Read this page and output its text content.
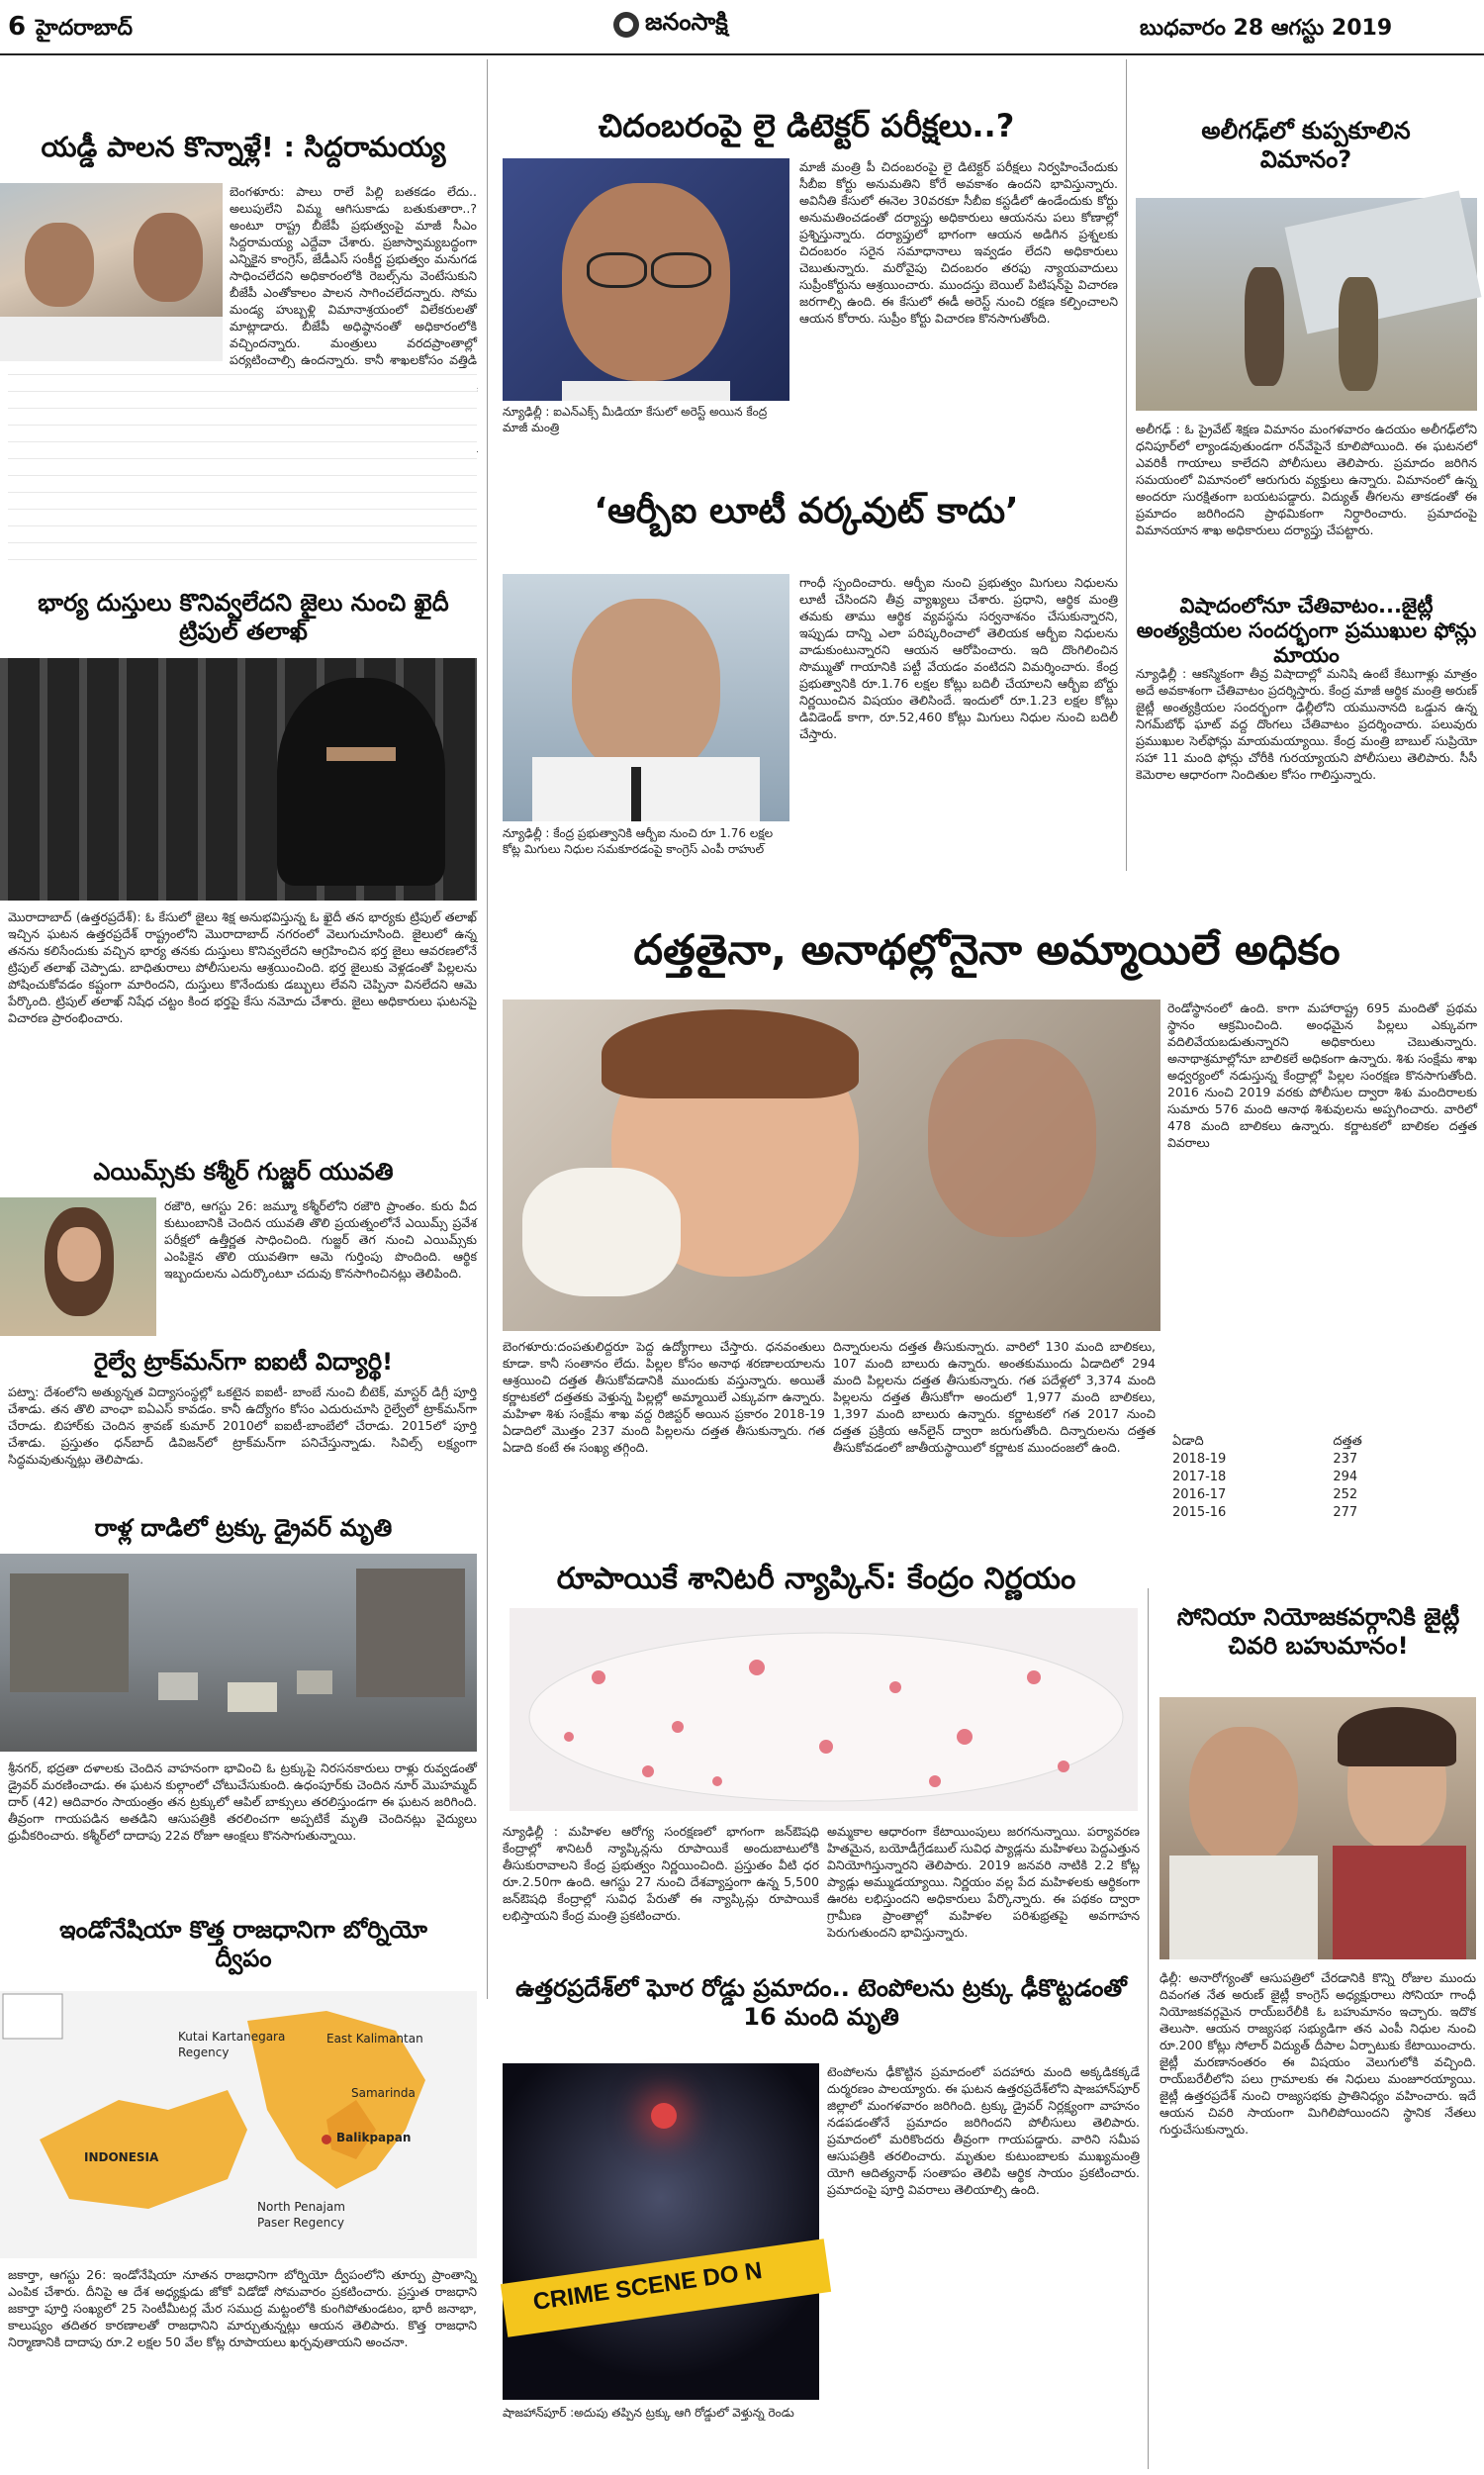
6 హైదరాబాద్	జనంసాక్షి	బుధవారం 28 ఆగస్టు 2019
యడ్డీ పాలన కొన్నాళ్లే! : సిద్దరామయ్య
బెంగళూరు: పాలు రాలే పిల్లి బతకడం లేదు.. అలుపులేని విమ్మ ఆగిసుకాడు బతుకుతారా..? అంటూ రాష్ట్ర బీజేపీ ప్రభుత్వంపై మాజీ సీఎం సిద్దరామయ్య ఎద్దేవా చేశారు. ప్రజాస్వామ్యబద్ధంగా ఎన్నికైన కాంగ్రెస్‌, జేడీఎస్‌ సంకీర్ణ ప్రభుత్వం మనుగడ సాధించలేదని అధికారంలోకి రెబల్స్‌ను వెంటేసుకుని బీజేపీ ఎంతోకాలం పాలన సాగించలేదన్నారు. సోమ మండ్య హుబ్బళ్లి విమానాశ్రయంలో విలేకరులతో మాట్లాడారు. బీజేపీ అధిష్ఠానంతో అధికారంలోకి వచ్చిందన్నారు. మంత్రులు వరదప్రాంతాల్లో పర్యటించాల్సి ఉందన్నారు. కానీ శాఖలకోసం వత్తిడి
భార్య దుస్తులు కొనివ్వలేదని జైలు నుంచి ఖైదీ ట్రిపుల్ తలాఖ్
మొరాదాబాద్ (ఉత్తరప్రదేశ్): ఓ కేసులో జైలు శిక్ష అనుభవిస్తున్న ఓ ఖైదీ తన భార్యకు ట్రిపుల్ తలాఖ్ ఇచ్చిన ఘటన ఉత్తరప్రదేశ్ రాష్ట్రంలోని మొరాదాబాద్ నగరంలో వెలుగుచూసింది. జైలులో ఉన్న తనను కలిసేందుకు వచ్చిన భార్య తనకు దుస్తులు కొనివ్వలేదని ఆగ్రహించిన భర్త జైలు ఆవరణలోనే ట్రిపుల్ తలాఖ్ చెప్పాడు. బాధితురాలు పోలీసులను ఆశ్రయించింది. భర్త జైలుకు వెళ్లడంతో పిల్లలను పోషించుకోవడం కష్టంగా మారిందని, దుస్తులు కొనేందుకు డబ్బులు లేవని చెప్పినా వినలేదని ఆమె పేర్కొంది. ట్రిపుల్ తలాఖ్ నిషేధ చట్టం కింద భర్తపై కేసు నమోదు చేశారు. జైలు అధికారులు ఘటనపై విచారణ ప్రారంభించారు.
ఎయిమ్స్‌కు కశ్మీర్ గుజ్జర్ యువతి
రజౌరి, ఆగస్టు 26: జమ్మూ కశ్మీర్‌లోని రజౌరి ప్రాంతం. కురు వీద కుటుంబానికి చెందిన యువతి తొలి ప్రయత్నంలోనే ఎయిమ్స్‌ ప్రవేశ పరీక్షలో ఉత్తీర్ణత సాధించింది. గుజ్జర్ తెగ నుంచి ఎయిమ్స్‌కు ఎంపికైన తొలి యువతిగా ఆమె గుర్తింపు పొందింది. ఆర్థిక ఇబ్బందులను ఎదుర్కొంటూ చదువు కొనసాగించినట్లు తెలిపింది.
రైల్వే ట్రాక్‌మన్‌గా ఐఐటీ విద్యార్థి!
పట్నా: దేశంలోని అత్యున్నత విద్యాసంస్థల్లో ఒకటైన ఐఐటీ- బాంబే నుంచి బీటెక్, మాస్టర్ డిగ్రీ పూర్తి చేశాడు. తన తొలి వాంఛా ఐఏఎస్‌ కావడం. కానీ ఉద్యోగం కోసం ఎదురుచూసి రైల్వేలో ట్రాక్‌మన్‌గా చేరాడు. బిహార్‌కు చెందిన శ్రావణ్ కుమార్ 2010లో ఐఐటీ-బాంబేలో చేరాడు. 2015లో పూర్తి చేశాడు. ప్రస్తుతం ధన్‌బాద్ డివిజన్‌లో ట్రాక్‌మన్‌గా పనిచేస్తున్నాడు. సివిల్స్‌ లక్ష్యంగా సిద్ధమవుతున్నట్లు తెలిపాడు.
రాళ్ల దాడిలో ట్రక్కు డ్రైవర్ మృతి
శ్రీనగర్, భద్రతా దళాలకు చెందిన వాహనంగా భావించి ఓ ట్రక్కుపై నిరసనకారులు రాళ్లు రువ్వడంతో డ్రైవర్ మరణించాడు. ఈ ఘటన కుల్గాంలో చోటుచేసుకుంది. ఉధంపూర్‌కు చెందిన నూర్ మొహమ్మద్ దార్ (42) ఆదివారం సాయంత్రం తన ట్రక్కులో ఆపిల్ బాక్సులు తరలిస్తుండగా ఈ ఘటన జరిగింది. తీవ్రంగా గాయపడిన అతడిని ఆసుపత్రికి తరలించగా అప్పటికే మృతి చెందినట్లు వైద్యులు ధ్రువీకరించారు. కశ్మీర్‌లో దాదాపు 22వ రోజూ ఆంక్షలు కొనసాగుతున్నాయి.
ఇండోనేషియా కొత్త రాజధానిగా బోర్నియో ద్వీపం
Kutai Kartanegara Regency
East Kalimantan
Samarinda
Balikpapan
INDONESIA
North Penajam Paser Regency
జకార్తా, ఆగస్టు 26: ఇండోనేషియా నూతన రాజధానిగా బోర్నియో ద్వీపంలోని తూర్పు ప్రాంతాన్ని ఎంపిక చేశారు. దీనిపై ఆ దేశ అధ్యక్షుడు జోకో విడోడో సోమవారం ప్రకటించారు. ప్రస్తుత రాజధాని జకార్తా పూర్తి సంఖ్యలో 25 సెంటీమీటర్ల మేర సముద్ర మట్టంలోకి కుంగిపోతుండటం, భారీ జనాభా, కాలుష్యం తదితర కారణాలతో రాజధానిని మార్చుతున్నట్లు ఆయన తెలిపారు. కొత్త రాజధాని నిర్మాణానికి దాదాపు రూ.2 లక్షల 50 వేల కోట్ల రూపాయలు ఖర్చవుతాయని అంచనా.
చిదంబరంపై లై డిటెక్టర్ పరీక్షలు..?
న్యూఢిల్లీ : ఐఎన్ఎక్స్ మీడియా కేసులో అరెస్ట్ అయిన కేంద్ర మాజీ మంత్రి
మాజీ మంత్రి పీ చిదంబరంపై లై డిటెక్టర్ పరీక్షలు నిర్వహించేందుకు సీబీఐ కోర్టు అనుమతిని కోరే అవకాశం ఉందని భావిస్తున్నారు. అవినీతి కేసులో ఈనెల 30వరకూ సీబీఐ కస్టడీలో ఉండేందుకు కోర్టు అనుమతించడంతో దర్యాప్తు అధికారులు ఆయనను పలు కోణాల్లో ప్రశ్నిస్తున్నారు. దర్యాప్తులో భాగంగా ఆయన అడిగిన ప్రశ్నలకు చిదంబరం సరైన సమాధానాలు ఇవ్వడం లేదని అధికారులు చెబుతున్నారు. మరోవైపు చిదంబరం తరఫు న్యాయవాదులు సుప్రీంకోర్టును ఆశ్రయించారు. ముందస్తు బెయిల్ పిటిషన్‌పై విచారణ జరగాల్సి ఉంది. ఈ కేసులో ఈడీ అరెస్ట్ నుంచి రక్షణ కల్పించాలని ఆయన కోరారు. సుప్రీం కోర్టు విచారణ కొనసాగుతోంది.
‘ఆర్బీఐ లూటీ వర్కవుట్ కాదు’
న్యూఢిల్లీ : కేంద్ర ప్రభుత్వానికి ఆర్బీఐ నుంచి రూ 1.76 లక్షల కోట్ల మిగులు నిధుల సమకూరడంపై కాంగ్రెస్ ఎంపీ రాహుల్
గాంధీ స్పందించారు. ఆర్బీఐ నుంచి ప్రభుత్వం మిగులు నిధులను లూటీ చేసిందని తీవ్ర వ్యాఖ్యలు చేశారు. ప్రధాని, ఆర్థిక మంత్రి తమకు తాము ఆర్థిక వ్యవస్థను సర్వనాశనం చేసుకున్నారని, ఇప్పుడు దాన్ని ఎలా పరిష్కరించాలో తెలియక ఆర్బీఐ నిధులను వాడుకుంటున్నారని ఆయన ఆరోపించారు. ఇది దొంగిలించిన సొమ్ముతో గాయానికి పట్టీ వేయడం వంటిదని విమర్శించారు. కేంద్ర ప్రభుత్వానికి రూ.1.76 లక్షల కోట్లు బదిలీ చేయాలని ఆర్బీఐ బోర్డు నిర్ణయించిన విషయం తెలిసిందే. ఇందులో రూ.1.23 లక్షల కోట్లు డివిడెండ్ కాగా, రూ.52,460 కోట్లు మిగులు నిధుల నుంచి బదిలీ చేస్తారు.
అలీగఢ్‌లో కుప్పకూలిన విమానం?
అలీగఢ్ : ఓ ప్రైవేట్ శిక్షణ విమానం మంగళవారం ఉదయం అలీగఢ్‌లోని ధనిపూర్‌లో ల్యాండవుతుండగా రన్‌వేపైనే కూలిపోయింది. ఈ ఘటనలో ఎవరికీ గాయాలు కాలేదని పోలీసులు తెలిపారు. ప్రమాదం జరిగిన సమయంలో విమానంలో ఆరుగురు వ్యక్తులు ఉన్నారు. విమానంలో ఉన్న అందరూ సురక్షితంగా బయటపడ్డారు. విద్యుత్ తీగలను తాకడంతో ఈ ప్రమాదం జరిగిందని ప్రాథమికంగా నిర్ధారించారు. ప్రమాదంపై విమానయాన శాఖ అధికారులు దర్యాప్తు చేపట్టారు.
విషాదంలోనూ చేతివాటం...జైట్లీ అంత్యక్రియల సందర్భంగా ప్రముఖుల ఫోన్లు మాయం
న్యూఢిల్లీ : ఆకస్మికంగా తీవ్ర విషాదాల్లో మనిషి ఉంటే కేటుగాళ్లు మాత్రం అదే అవకాశంగా చేతివాటం ప్రదర్శిస్తారు. కేంద్ర మాజీ ఆర్థిక మంత్రి అరుణ్ జైట్లీ అంత్యక్రియల సందర్భంగా ఢిల్లీలోని యమునానది ఒడ్డున ఉన్న నిగమ్‌బోధ్ ఘాట్ వద్ద దొంగలు చేతివాటం ప్రదర్శించారు. పలువురు ప్రముఖుల సెల్‌ఫోన్లు మాయమయ్యాయి. కేంద్ర మంత్రి బాబుల్ సుప్రియో సహా 11 మంది ఫోన్లు చోరీకి గురయ్యాయని పోలీసులు తెలిపారు. సీసీ కెమెరాల ఆధారంగా నిందితుల కోసం గాలిస్తున్నారు.
దత్తతైనా, అనాథల్లోనైనా అమ్మాయిలే అధికం
రెండోస్థానంలో ఉంది. కాగా మహారాష్ట్ర 695 మందితో ప్రథమ స్థానం ఆక్రమించింది. అంధమైన పిల్లలు ఎక్కువగా వదిలివేయబడుతున్నారని అధికారులు చెబుతున్నారు. అనాథాశ్రమాల్లోనూ బాలికలే అధికంగా ఉన్నారు. శిశు సంక్షేమ శాఖ అధ్వర్యంలో నడుస్తున్న కేంద్రాల్లో పిల్లల సంరక్షణ కొనసాగుతోంది. 2016 నుంచి 2019 వరకు పోలీసుల ద్వారా శిశు మందిరాలకు సుమారు 576 మంది ఆనాథ శిశువులను అప్పగించారు. వారిలో 478 మంది బాలికలు ఉన్నారు. కర్ణాటకలో బాలికల దత్తత వివరాలు
ఏడాది	దత్తత
2018-19	237
2017-18	294
2016-17	252
2015-16	277
బెంగళూరు:దంపతులిద్దరూ పెద్ద ఉద్యోగాలు చేస్తారు. ధనవంతులు కూడా. కానీ సంతానం లేదు. పిల్లల కోసం అనాథ శరణాలయాలను ఆశ్రయించి దత్తత తీసుకోవడానికి ముందుకు వస్తున్నారు. అయితే కర్ణాటకలో దత్తతకు వెళ్తున్న పిల్లల్లో అమ్మాయిలే ఎక్కువగా ఉన్నారు. మహిళా శిశు సంక్షేమ శాఖ వద్ద రిజిస్టర్ అయిన ప్రకారం 2018-19 ఏడాదిలో మొత్తం 237 మంది పిల్లలను దత్తత తీసుకున్నారు. గత ఏడాది కంటే ఈ సంఖ్య తగ్గింది.
దిన్నారులను దత్తత తీసుకున్నారు. వారిలో 130 మంది బాలికలు, 107 మంది బాలురు ఉన్నారు. అంతకుముందు ఏడాదిలో 294 మంది పిల్లలను దత్తత తీసుకున్నారు. గత పదేళ్లలో 3,374 మంది పిల్లలను దత్తత తీసుకోగా అందులో 1,977 మంది బాలికలు, 1,397 మంది బాలురు ఉన్నారు. కర్ణాటకలో గత 2017 నుంచి దత్తత ప్రక్రియ ఆన్‌లైన్ ద్వారా జరుగుతోంది. దిన్నారులను దత్తత తీసుకోవడంలో జాతీయస్థాయిలో కర్ణాటక ముందంజలో ఉంది.
రూపాయికే శానిటరీ న్యాప్కిన్: కేంద్రం నిర్ణయం
న్యూఢిల్లీ : మహిళల ఆరోగ్య సంరక్షణలో భాగంగా జన్ఔషధి కేంద్రాల్లో శానిటరీ న్యాప్కిన్లను రూపాయికే అందుబాటులోకి తీసుకురావాలని కేంద్ర ప్రభుత్వం నిర్ణయించింది. ప్రస్తుతం వీటి ధర రూ.2.50గా ఉంది. ఆగస్టు 27 నుంచి దేశవ్యాప్తంగా ఉన్న 5,500 జన్ఔషధి కేంద్రాల్లో సువిధ పేరుతో ఈ న్యాప్కిన్లు రూపాయికే లభిస్తాయని కేంద్ర మంత్రి ప్రకటించారు.
అమ్మకాల ఆధారంగా కేటాయింపులు జరగనున్నాయి. పర్యావరణ హితమైన, బయోడీగ్రేడబుల్ సువిధ ప్యాడ్లను మహిళలు పెద్దఎత్తున వినియోగిస్తున్నారని తెలిపారు. 2019 జనవరి నాటికి 2.2 కోట్ల ప్యాడ్లు అమ్ముడయ్యాయి. నిర్ణయం వల్ల పేద మహిళలకు ఆర్థికంగా ఊరట లభిస్తుందని అధికారులు పేర్కొన్నారు. ఈ పథకం ద్వారా గ్రామీణ ప్రాంతాల్లో మహిళల పరిశుభ్రతపై అవగాహన పెరుగుతుందని భావిస్తున్నారు.
ఉత్తరప్రదేశ్‌లో ఘోర రోడ్డు ప్రమాదం.. టెంపోలను ట్రక్కు ఢీకొట్టడంతో 16 మంది మృతి
CRIME SCENE DO N
షాజహాన్‌పూర్ :అదుపు తప్పిన ట్రక్కు ఆగి రోడ్డులో వెళ్తున్న రెండు
టెంపోలను ఢీకొట్టిన ప్రమాదంలో పదహారు మంది అక్కడికక్కడే దుర్మరణం పాలయ్యారు. ఈ ఘటన ఉత్తరప్రదేశ్‌లోని షాజహాన్‌పూర్ జిల్లాలో మంగళవారం జరిగింది. ట్రక్కు డ్రైవర్ నిర్లక్ష్యంగా వాహనం నడపడంతోనే ప్రమాదం జరిగిందని పోలీసులు తెలిపారు. ప్రమాదంలో మరికొందరు తీవ్రంగా గాయపడ్డారు. వారిని సమీప ఆసుపత్రికి తరలించారు. మృతుల కుటుంబాలకు ముఖ్యమంత్రి యోగి ఆదిత్యనాథ్ సంతాపం తెలిపి ఆర్థిక సాయం ప్రకటించారు. ప్రమాదంపై పూర్తి వివరాలు తెలియాల్సి ఉంది.
సోనియా నియోజకవర్గానికి జైట్లీ చివరి బహుమానం!
ఢిల్లీ: అనారోగ్యంతో ఆసుపత్రిలో చేరడానికి కొన్ని రోజుల ముందు దివంగత నేత అరుణ్ జైట్లీ కాంగ్రెస్ అధ్యక్షురాలు సోనియా గాంధీ నియోజకవర్గమైన రాయ్‌బరేలీకి ఓ బహుమానం ఇచ్చారు. ఇదొక తెలుసా. ఆయన రాజ్యసభ సభ్యుడిగా తన ఎంపీ నిధుల నుంచి రూ.200 కోట్లు సోలార్ విద్యుత్ దీపాల ఏర్పాటుకు కేటాయించారు. జైట్లీ మరణానంతరం ఈ విషయం వెలుగులోకి వచ్చింది. రాయ్‌బరేలీలోని పలు గ్రామాలకు ఈ నిధులు మంజూరయ్యాయి. జైట్లీ ఉత్తరప్రదేశ్ నుంచి రాజ్యసభకు ప్రాతినిధ్యం వహించారు. ఇదే ఆయన చివరి సాయంగా మిగిలిపోయిందని స్థానిక నేతలు గుర్తుచేసుకున్నారు.
